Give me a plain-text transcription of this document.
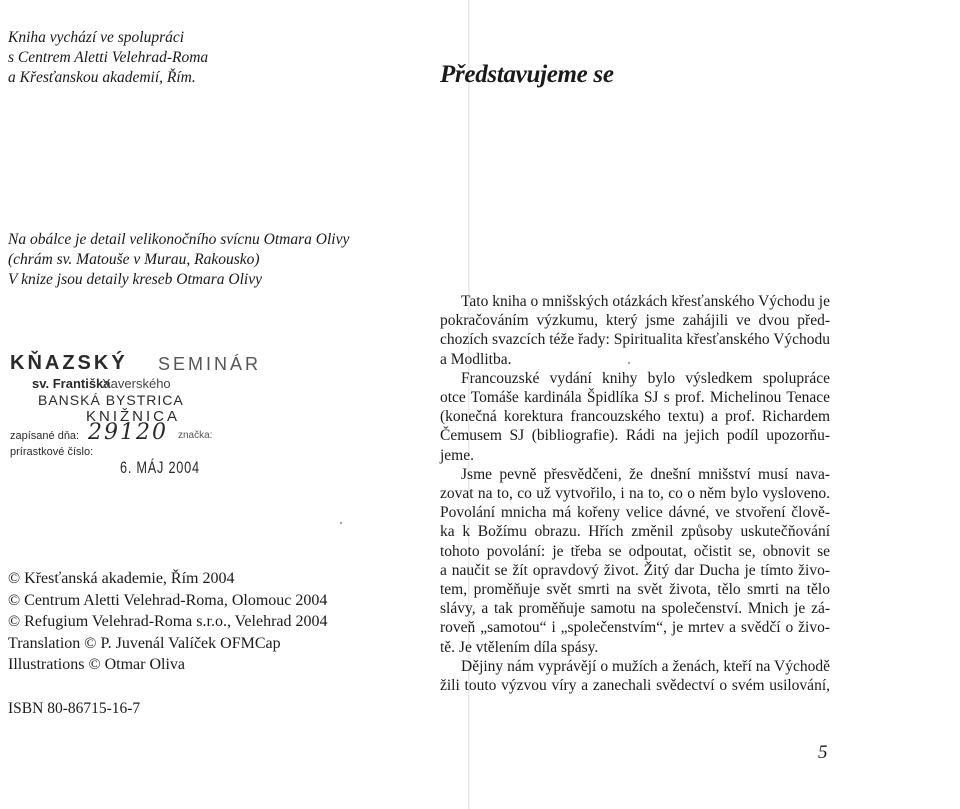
Kniha vychází ve spolupráci
s Centrem Aletti Velehrad-Roma
a Křesťanskou akademií, Řím.

Na obálce je detail velikonočního svícnu Otmara Olivy
(chrám sv. Matouše v Murau, Rakousko)
V knize jsou detaily kreseb Otmara Olivy

KŇAZSKÝ SEMINÁR
sv. Františka
Xaverského
BANSKÁ BYSTRICA
KNIŽNICA
zapísané dňa:	značka:
prírastkové číslo:
29120
6. MÁJ 2004

© Křesťanská akademie, Řím 2004
© Centrum Aletti Velehrad-Roma, Olomouc 2004
© Refugium Velehrad-Roma s.r.o., Velehrad 2004
Translation © P. Juvenál Valíček OFMCap
Illustrations © Otmar Oliva

ISBN 80-86715-16-7

Představujeme se
Tato kniha o mnišských otázkách křesťanského Východu je
pokračováním výzkumu, který jsme zahájili ve dvou před-
chozích svazcích téže řady: Spiritualita křesťanského Východu
a Modlitba.
Francouzské vydání knihy bylo výsledkem spolupráce
otce Tomáše kardinála Špidlíka SJ s prof. Michelinou Tenace
(konečná korektura francouzského textu) a prof. Richardem
Čemusem SJ (bibliografie). Rádi na jejich podíl upozorňu-
jeme.
Jsme pevně přesvědčeni, že dnešní mnišství musí nava-
zovat na to, co už vytvořilo, i na to, co o něm bylo vysloveno.
Povolání mnicha má kořeny velice dávné, ve stvoření člově-
ka k Božímu obrazu. Hřích změnil způsoby uskutečňování
tohoto povolání: je třeba se odpoutat, očistit se, obnovit se
a naučit se žít opravdový život. Žitý dar Ducha je tímto živo-
tem, proměňuje svět smrti na svět života, tělo smrti na tělo
slávy, a tak proměňuje samotu na společenství. Mnich je zá-
roveň „samotou“ i „společenstvím“, je mrtev a svědčí o živo-
tě. Je vtělením díla spásy.
Dějiny nám vyprávějí o mužích a ženách, kteří na Východě
žili touto výzvou víry a zanechali svědectví o svém usilování,

5
